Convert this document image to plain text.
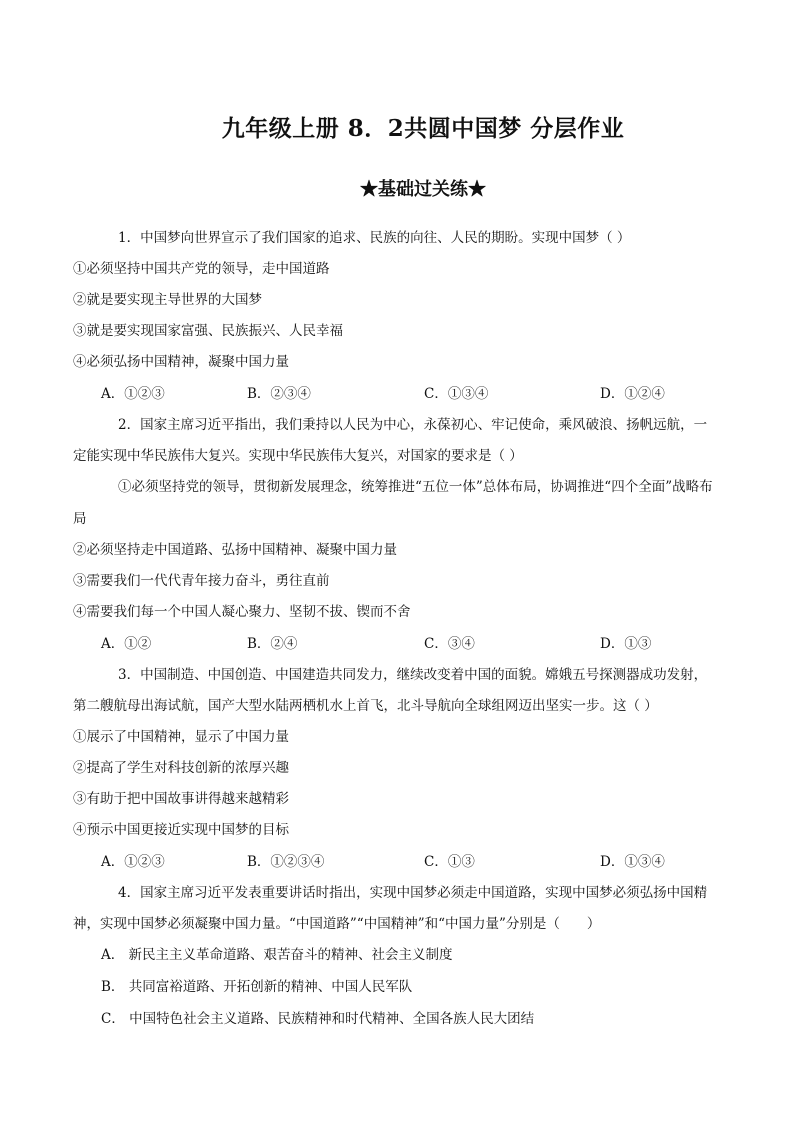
九年级上册 8．2共圆中国梦 分层作业
★基础过关练★
1．中国梦向世界宣示了我们国家的追求、民族的向往、人民的期盼。实现中国梦（ ）
①必须坚持中国共产党的领导，走中国道路
②就是要实现主导世界的大国梦
③就是要实现国家富强、民族振兴、人民幸福
④必须弘扬中国精神，凝聚中国力量
A．①②③	B．②③④	C．①③④	D．①②④
2．国家主席习近平指出，我们秉持以人民为中心，永葆初心、牢记使命，乘风破浪、扬帆远航，一
定能实现中华民族伟大复兴。实现中华民族伟大复兴，对国家的要求是（ ）
①必须坚持党的领导，贯彻新发展理念，统筹推进“五位一体”总体布局，协调推进“四个全面”战略布
局
②必须坚持走中国道路、弘扬中国精神、凝聚中国力量
③需要我们一代代青年接力奋斗，勇往直前
④需要我们每一个中国人凝心聚力、坚韧不拔、锲而不舍
A．①②	B．②④	C．③④	D．①③
3．中国制造、中国创造、中国建造共同发力，继续改变着中国的面貌。嫦娥五号探测器成功发射，
第二艘航母出海试航，国产大型水陆两栖机水上首飞，北斗导航向全球组网迈出坚实一步。这（ ）
①展示了中国精神，显示了中国力量
②提高了学生对科技创新的浓厚兴趣
③有助于把中国故事讲得越来越精彩
④预示中国更接近实现中国梦的目标
A．①②③	B．①②③④	C．①③	D．①③④
4．国家主席习近平发表重要讲话时指出，实现中国梦必须走中国道路，实现中国梦必须弘扬中国精
神，实现中国梦必须凝聚中国力量。“中国道路”“中国精神”和“中国力量”分别是（　　）
A． 新民主主义革命道路、艰苦奋斗的精神、社会主义制度
B． 共同富裕道路、开拓创新的精神、中国人民军队
C． 中国特色社会主义道路、民族精神和时代精神、全国各族人民大团结
